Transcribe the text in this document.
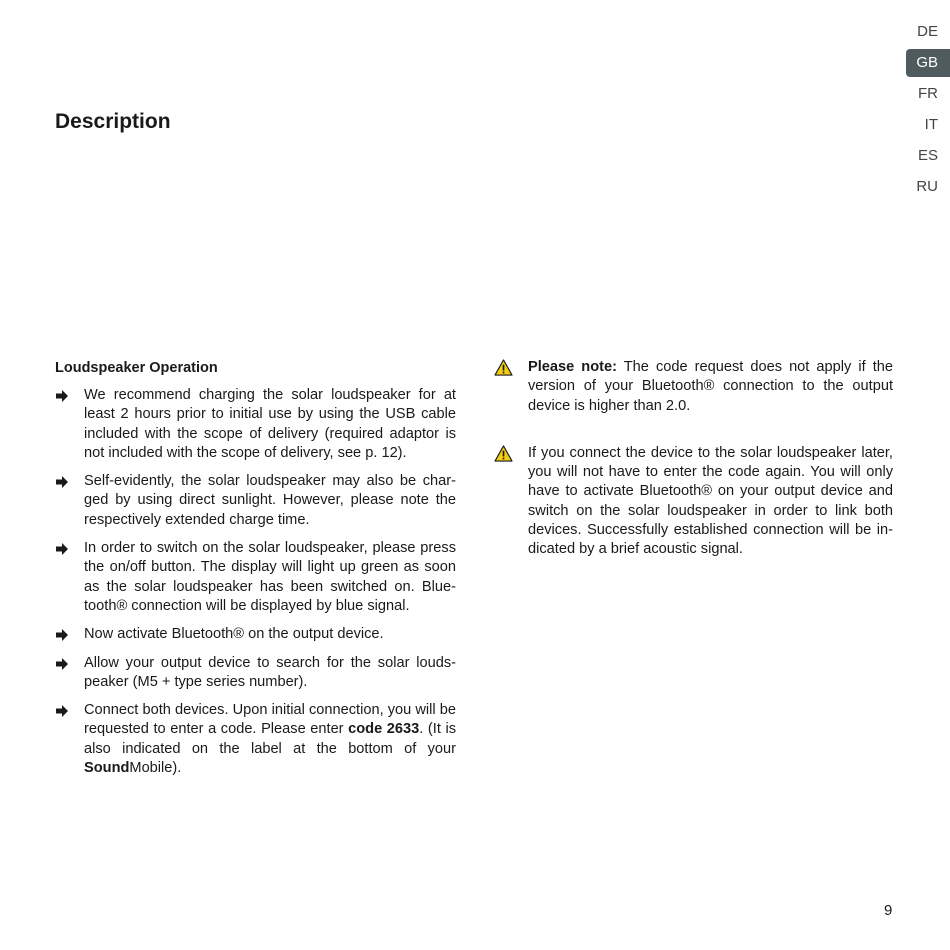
DE
GB
FR
IT
ES
RU
Description
Loudspeaker Operation

We recommend charging the solar loudspeaker for at least 2 hours prior to initial use by using the USB cable included with the scope of delivery (required adaptor is not included with the scope of delivery, see p. 12).

Self-evidently, the solar loudspeaker may also be charged by using direct sunlight. However, please note the respectively extended charge time.

In order to switch on the solar loudspeaker, please press the on/off button. The display will light up green as soon as the solar loudspeaker has been switched on. Bluetooth® connection will be displayed by blue signal.

Now activate Bluetooth® on the output device.

Allow your output device to search for the solar loudspeaker (M5 + type series number).

Connect both devices. Upon initial connection, you will be requested to enter a code. Please enter code 2633. (It is also indicated on the label at the bottom of your SoundMobile).

Please note: The code request does not apply if the version of your Bluetooth® connection to the output device is higher than 2.0.

If you connect the device to the solar loudspeaker later, you will not have to enter the code again. You will only have to activate Bluetooth® on your output device and switch on the solar loudspeaker in order to link both devices. Successfully established connection will be indicated by a brief acoustic signal.

9
